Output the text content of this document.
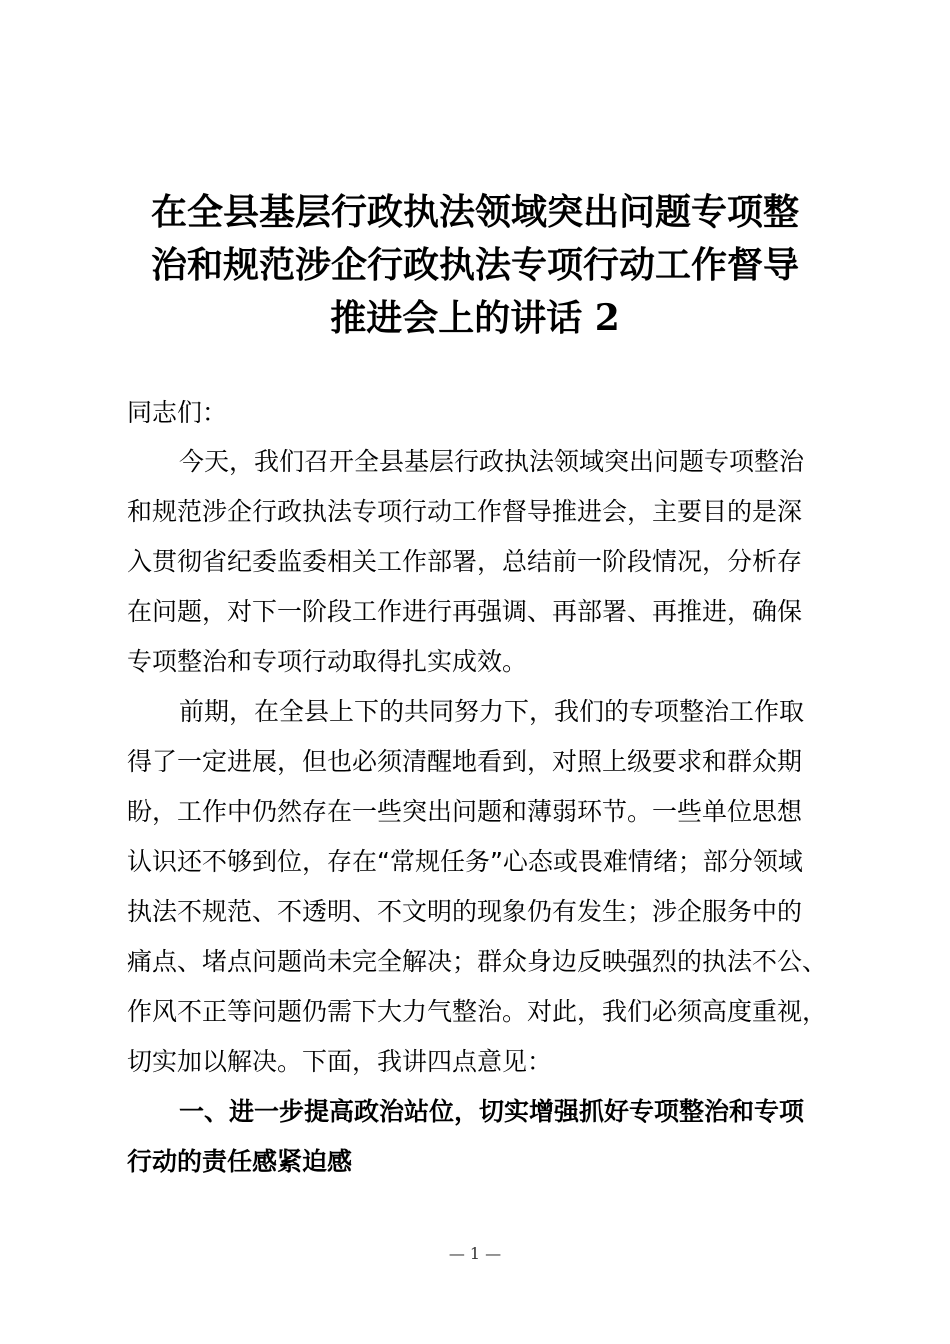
在全县基层行政执法领域突出问题专项整
治和规范涉企行政执法专项行动工作督导
推进会上的讲话 2
同志们：
今天，我们召开全县基层行政执法领域突出问题专项整治
和规范涉企行政执法专项行动工作督导推进会，主要目的是深
入贯彻省纪委监委相关工作部署，总结前一阶段情况，分析存
在问题，对下一阶段工作进行再强调、再部署、再推进，确保
专项整治和专项行动取得扎实成效。
前期，在全县上下的共同努力下，我们的专项整治工作取
得了一定进展，但也必须清醒地看到，对照上级要求和群众期
盼，工作中仍然存在一些突出问题和薄弱环节。一些单位思想
认识还不够到位，存在“常规任务”心态或畏难情绪；部分领域
执法不规范、不透明、不文明的现象仍有发生；涉企服务中的
痛点、堵点问题尚未完全解决；群众身边反映强烈的执法不公、
作风不正等问题仍需下大力气整治。对此，我们必须高度重视，
切实加以解决。下面，我讲四点意见：
一、进一步提高政治站位，切实增强抓好专项整治和专项
行动的责任感紧迫感
— 1 —
